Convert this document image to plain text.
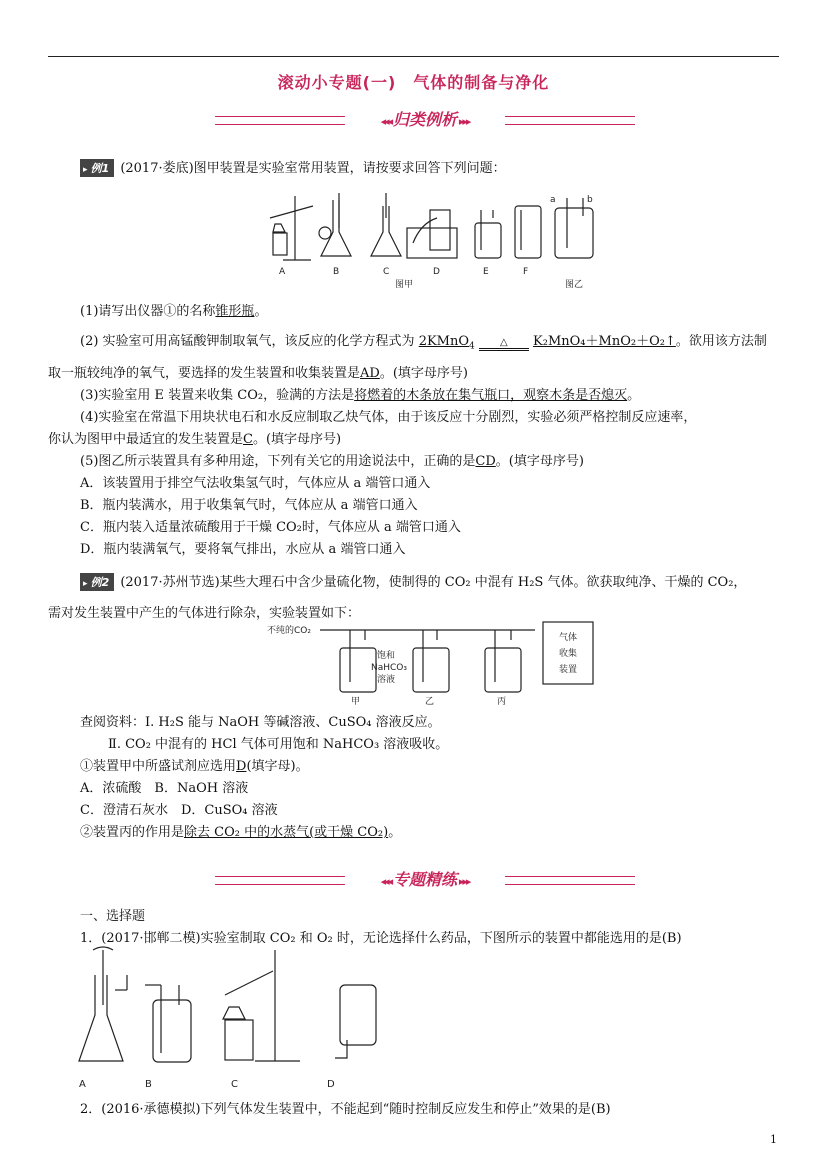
滚动小专题(一)　气体的制备与净化
◂◂◂ 归类例析 ▸▸▸
▸ 例1 (2017·娄底)图甲装置是实验室常用装置，请按要求回答下列问题：
A	B	C	D	E	F
图甲	图乙
a	b
(1)请写出仪器①的名称锥形瓶。
(2) 实验室可用高锰酸钾制取氧气，该反应的化学方程式为 2KMnO$_4$	△ K₂MnO₄＋MnO₂＋O₂↑。欲用该方法制
取一瓶较纯净的氧气，要选择的发生装置和收集装置是AD。(填字母序号)
(3)实验室用 E 装置来收集 CO₂，验满的方法是将燃着的木条放在集气瓶口，观察木条是否熄灭。
(4)实验室在常温下用块状电石和水反应制取乙炔气体，由于该反应十分剧烈，实验必须严格控制反应速率，
你认为图甲中最适宜的发生装置是C。(填字母序号)
(5)图乙所示装置具有多种用途，下列有关它的用途说法中，正确的是CD。(填字母序号)
A．该装置用于排空气法收集氢气时，气体应从 a 端管口通入
B．瓶内装满水，用于收集氧气时，气体应从 a 端管口通入
C．瓶内装入适量浓硫酸用于干燥 CO₂时，气体应从 a 端管口通入
D．瓶内装满氧气，要将氧气排出，水应从 a 端管口通入
▸ 例2 (2017·苏州节选)某些大理石中含少量硫化物，使制得的 CO₂ 中混有 H₂S 气体。欲获取纯净、干燥的 CO₂，
需对发生装置中产生的气体进行除杂，实验装置如下：
不纯的CO₂
饱和
NaHCO₃
溶液
气体
收集
装置
甲	乙	丙
查阅资料：Ⅰ. H₂S 能与 NaOH 等碱溶液、CuSO₄ 溶液反应。
Ⅱ. CO₂ 中混有的 HCl 气体可用饱和 NaHCO₃ 溶液吸收。
①装置甲中所盛试剂应选用D(填字母)。
A．浓硫酸　B．NaOH 溶液
C．澄清石灰水　D．CuSO₄ 溶液
②装置丙的作用是除去 CO₂ 中的水蒸气(或干燥 CO₂)。
◂◂◂ 专题精练 ▸▸▸
一、选择题
1．(2017·邯郸二模)实验室制取 CO₂ 和 O₂ 时，无论选择什么药品，下图所示的装置中都能选用的是(B)
A	B	C	D
2．(2016·承德模拟)下列气体发生装置中，不能起到“随时控制反应发生和停止”效果的是(B)
1
